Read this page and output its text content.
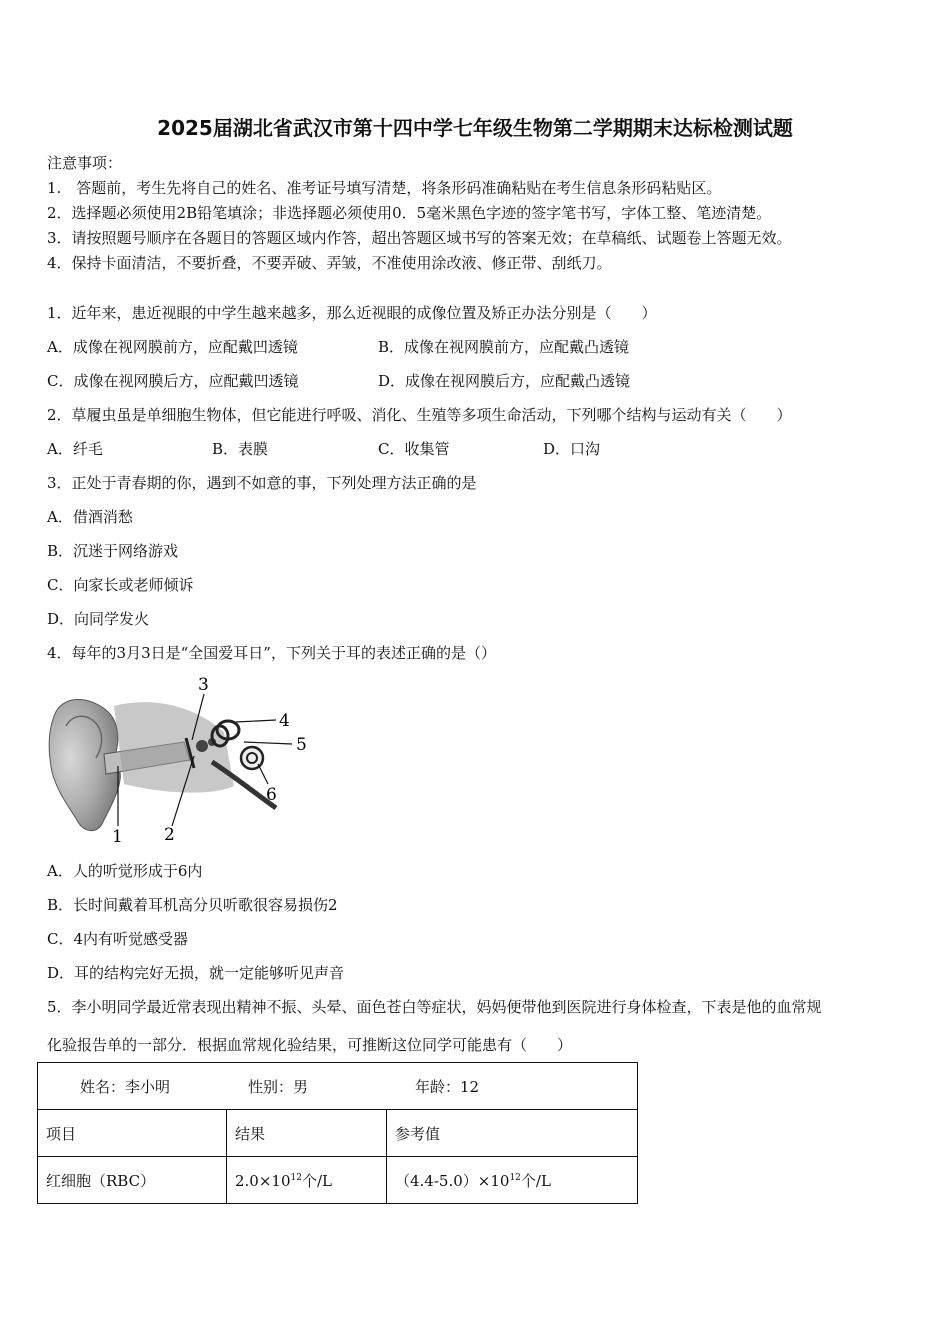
2025届湖北省武汉市第十四中学七年级生物第二学期期末达标检测试题
注意事项：
1.　答题前，考生先将自己的姓名、准考证号填写清楚，将条形码准确粘贴在考生信息条形码粘贴区。
2．选择题必须使用2B铅笔填涂；非选择题必须使用0．5毫米黑色字迹的签字笔书写，字体工整、笔迹清楚。
3．请按照题号顺序在各题目的答题区域内作答，超出答题区域书写的答案无效；在草稿纸、试题卷上答题无效。
4．保持卡面清洁，不要折叠，不要弄破、弄皱，不准使用涂改液、修正带、刮纸刀。
1．近年来，患近视眼的中学生越来越多，那么近视眼的成像位置及矫正办法分别是（　　）
A．成像在视网膜前方，应配戴凹透镜	B．成像在视网膜前方，应配戴凸透镜
C．成像在视网膜后方，应配戴凹透镜	D．成像在视网膜后方，应配戴凸透镜
2．草履虫虽是单细胞生物体，但它能进行呼吸、消化、生殖等多项生命活动，下列哪个结构与运动有关（　　）
A．纤毛	B．表膜	C．收集管	D．口沟
3．正处于青春期的你，遇到不如意的事，下列处理方法正确的是
A．借酒消愁
B．沉迷于网络游戏
C．向家长或老师倾诉
D．向同学发火
4．每年的3月3日是“全国爱耳日”，下列关于耳的表述正确的是（）
1 2
3
4
5
6
A．人的听觉形成于6内
B．长时间戴着耳机高分贝听歌很容易损伤2
C．4内有听觉感受器
D．耳的结构完好无损，就一定能够听见声音
5．李小明同学最近常表现出精神不振、头晕、面色苍白等症状，妈妈便带他到医院进行身体检查，下表是他的血常规
化验报告单的一部分．根据血常规化验结果，可推断这位同学可能患有（　　）
姓名：李小明 性别：男 年龄：12		
项目	结果	参考值
红细胞（RBC）	$2.0\times 10^{12}$个/L	$(4.4-5.0)\times 10^{12}$个/L
